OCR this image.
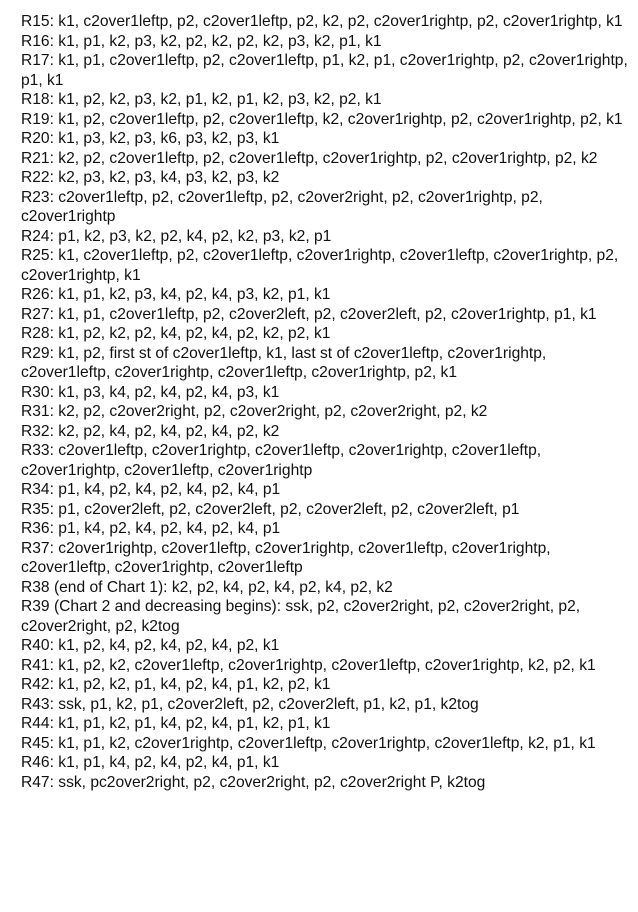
R15: k1, c2over1leftp, p2, c2over1leftp, p2, k2, p2, c2over1rightp, p2, c2over1rightp, k1

R16: k1, p1, k2, p3, k2, p2, k2, p2, k2, p3, k2, p1, k1

R17: k1, p1, c2over1leftp, p2, c2over1leftp, p1, k2, p1, c2over1rightp, p2, c2over1rightp, p1, k1

R18: k1, p2, k2, p3, k2, p1, k2, p1, k2, p3, k2, p2, k1

R19: k1, p2, c2over1leftp, p2, c2over1leftp, k2, c2over1rightp, p2, c2over1rightp, p2, k1

R20: k1, p3, k2, p3, k6, p3, k2, p3, k1

R21: k2, p2, c2over1leftp, p2, c2over1leftp, c2over1rightp, p2, c2over1rightp, p2, k2

R22: k2, p3, k2, p3, k4, p3, k2, p3, k2

R23: c2over1leftp, p2, c2over1leftp, p2, c2over2right, p2, c2over1rightp, p2, c2over1rightp

R24: p1, k2, p3, k2, p2, k4, p2, k2, p3, k2, p1

R25: k1, c2over1leftp, p2, c2over1leftp, c2over1rightp, c2over1leftp, c2over1rightp, p2, c2over1rightp, k1

R26: k1, p1, k2, p3, k4, p2, k4, p3, k2, p1, k1

R27: k1, p1, c2over1leftp, p2, c2over2left, p2, c2over2left, p2, c2over1rightp, p1, k1

R28: k1, p2, k2, p2, k4, p2, k4, p2, k2, p2, k1

R29: k1, p2, first st of c2over1leftp, k1, last st of c2over1leftp, c2over1rightp, c2over1leftp, c2over1rightp, c2over1leftp, c2over1rightp, p2, k1

R30: k1, p3, k4, p2, k4, p2, k4, p3, k1

R31: k2, p2, c2over2right, p2, c2over2right, p2, c2over2right, p2, k2

R32: k2, p2, k4, p2, k4, p2, k4, p2, k2

R33: c2over1leftp, c2over1rightp, c2over1leftp, c2over1rightp, c2over1leftp, c2over1rightp, c2over1leftp, c2over1rightp

R34: p1, k4, p2, k4, p2, k4, p2, k4, p1

R35: p1, c2over2left, p2, c2over2left, p2, c2over2left, p2, c2over2left, p1

R36: p1, k4, p2, k4, p2, k4, p2, k4, p1

R37: c2over1rightp, c2over1leftp, c2over1rightp, c2over1leftp, c2over1rightp, c2over1leftp, c2over1rightp, c2over1leftp

R38 (end of Chart 1): k2, p2, k4, p2, k4, p2, k4, p2, k2

R39 (Chart 2 and decreasing begins): ssk, p2, c2over2right, p2, c2over2right, p2, c2over2right, p2, k2tog

R40: k1, p2, k4, p2, k4, p2, k4, p2, k1

R41: k1, p2, k2, c2over1leftp, c2over1rightp, c2over1leftp, c2over1rightp, k2, p2, k1

R42: k1, p2, k2, p1, k4, p2, k4, p1, k2, p2, k1

R43: ssk, p1, k2, p1, c2over2left, p2, c2over2left, p1, k2, p1, k2tog

R44: k1, p1, k2, p1, k4, p2, k4, p1, k2, p1, k1

R45: k1, p1, k2, c2over1rightp, c2over1leftp, c2over1rightp, c2over1leftp, k2, p1, k1

R46: k1, p1, k4, p2, k4, p2, k4, p1, k1

R47: ssk, pc2over2right, p2, c2over2right, p2, c2over2right P, k2tog
